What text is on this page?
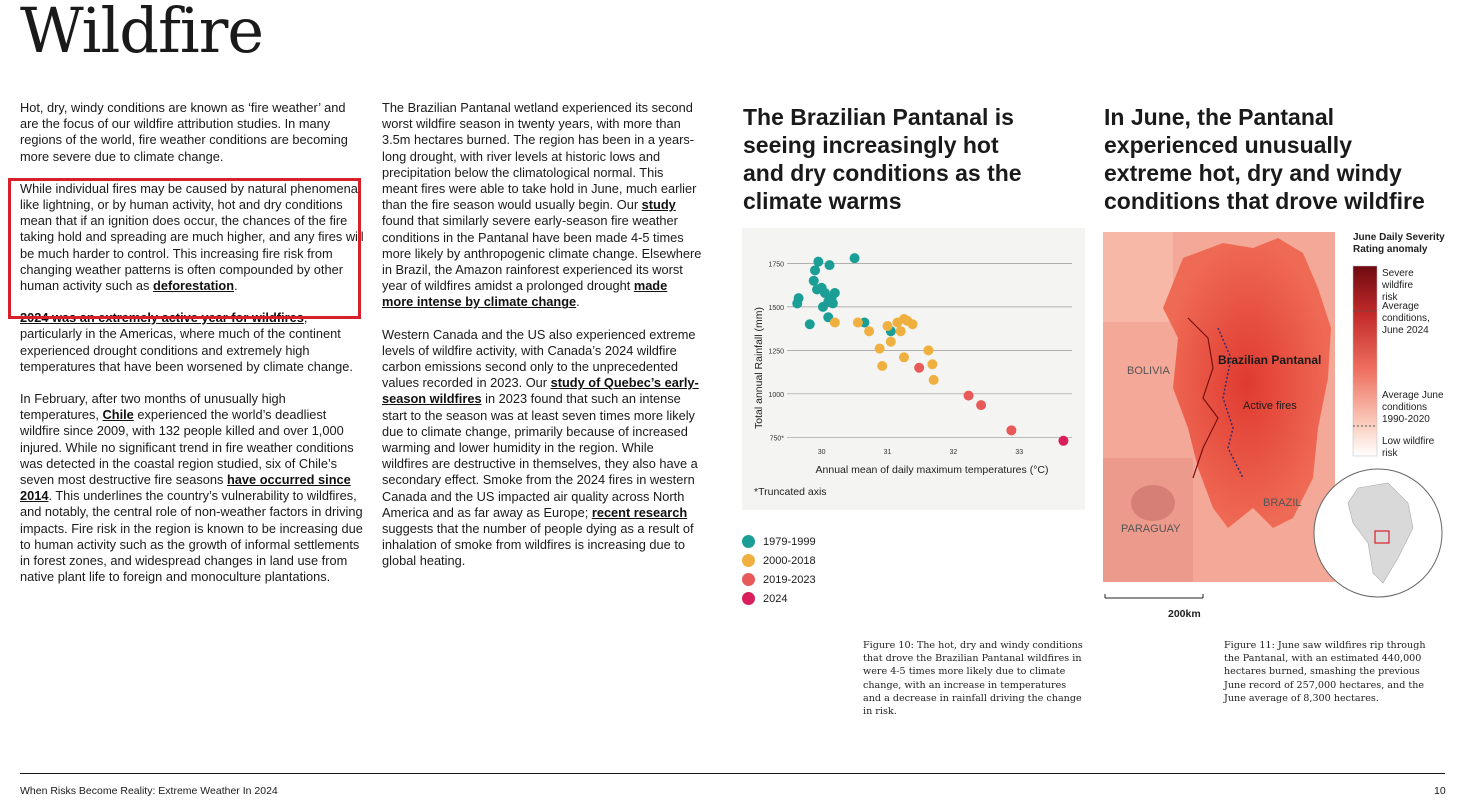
Wildfire

Hot, dry, windy conditions are known as ‘fire weather’ and are the focus of our wildfire attribution studies. In many regions of the world, fire weather conditions are becoming more severe due to climate change.

While individual fires may be caused by natural phenomena like lightning, or by human activity, hot and dry conditions mean that if an ignition does occur, the chances of the fire taking hold and spreading are much higher, and any fires will be much harder to control. This increasing fire risk from changing weather patterns is often compounded by other human activity such as deforestation.

2024 was an extremely active year for wildfires, particularly in the Americas, where much of the continent experienced drought conditions and extremely high temperatures that have been worsened by climate change.

In February, after two months of unusually high temperatures, Chile experienced the world’s deadliest wildfire since 2009, with 132 people killed and over 1,000 injured. While no significant trend in fire weather conditions was detected in the coastal region studied, six of Chile’s seven most destructive fire seasons have occurred since 2014. This underlines the country’s vulnerability to wildfires, and notably, the central role of non-weather factors in driving impacts. Fire risk in the region is known to be increasing due to human activity such as the growth of informal settlements in forest zones, and widespread changes in land use from native plant life to foreign and monoculture plantations.

The Brazilian Pantanal wetland experienced its second worst wildfire season in twenty years, with more than 3.5m hectares burned. The region has been in a years-long drought, with river levels at historic lows and precipitation below the climatological normal. This meant fires were able to take hold in June, much earlier than the fire season would usually begin. Our study found that similarly severe early-season fire weather conditions in the Pantanal have been made 4-5 times more likely by anthropogenic climate change. Elsewhere in Brazil, the Amazon rainforest experienced its worst year of wildfires amidst a prolonged drought made more intense by climate change.

Western Canada and the US also experienced extreme levels of wildfire activity, with Canada’s 2024 wildfire carbon emissions second only to the unprecedented values recorded in 2023. Our study of Quebec’s early-season wildfires in 2023 found that such an intense start to the season was at least seven times more likely due to climate change, primarily because of increased warming and lower humidity in the region. While wildfires are destructive in themselves, they also have a secondary effect. Smoke from the 2024 fires in western Canada and the US impacted air quality across North America and as far away as Europe; recent research suggests that the number of people dying as a result of inhalation of smoke from wildfires is increasing due to global heating.

The Brazilian Pantanal is seeing increasingly hot and dry conditions as the climate warms
750*
1000
1250
1500
1750
30	31	32	33
Total annual Rainfall (mm)
Annual mean of daily maximum temperatures (°C)
*Truncated axis
1979-1999
2000-2018
2019-2023
2024
Figure 10: The hot, dry and windy conditions that drove the Brazilian Pantanal wildfires in were 4-5 times more likely due to climate change, with an increase in temperatures and a decrease in rainfall driving the change in risk.
In June, the Pantanal experienced unusually extreme hot, dry and windy conditions that drove wildfire
Brazilian Pantanal
Active fires
BOLIVIA
BRAZIL
PARAGUAY
June Daily Severity Rating anomaly
Severe wildfire risk
Average conditions, June 2024
Average June conditions 1990-2020
Low wildfire risk
200km
Figure 11: June saw wildfires rip through the Pantanal, with an estimated 440,000 hectares burned, smashing the previous June record of 257,000 hectares, and the June average of 8,300 hectares.
When Risks Become Reality: Extreme Weather In 2024	10
